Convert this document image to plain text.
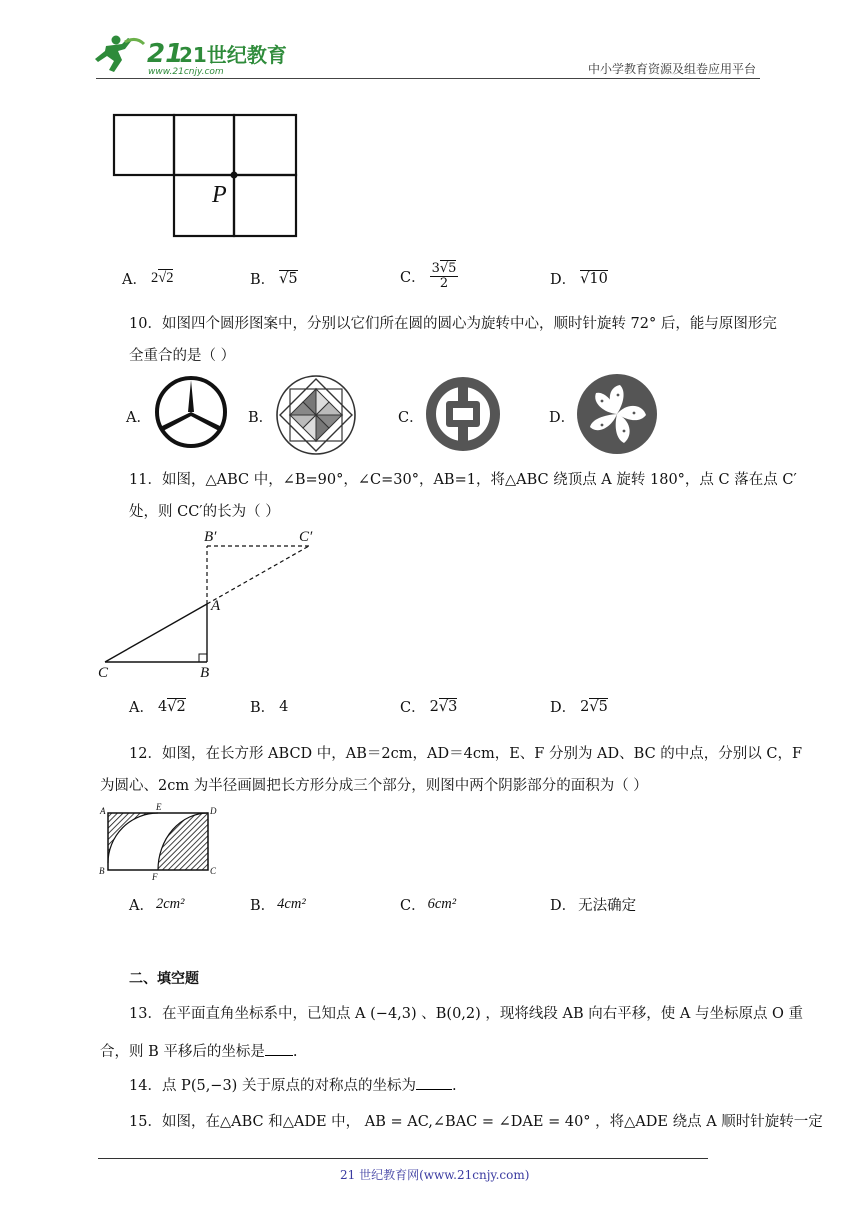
21
21世纪教育
www.21cnjy.com	中小学教育资源及组卷应用平台
P
A． 2√2	B． √5	C．
3√5
2	D． √10
10．如图四个圆形图案中，分别以它们所在圆的圆心为旋转中心，顺时针旋转 72° 后，能与原图形完
全重合的是（ ）
A．	B．	C．	D．
11．如图，△ABC 中，∠B=90°，∠C=30°，AB=1，将△ABC 绕顶点 A 旋转 180°，点 C 落在点 C′
处，则 CC′的长为（ ）
B′	C′
A
C	B
A． 4√2	B． 4	C． 2√3	D． 2√5
12．如图，在长方形 ABCD 中，AB＝2cm，AD＝4cm，E、F 分别为 AD、BC 的中点，分别以 C，F
为圆心、2cm 为半径画圆把长方形分成三个部分，则图中两个阴影部分的面积为（ ）
A	E	D
B
F
C
A． 2cm²	B． 4cm²	C． 6cm²	D． 无法确定
二、填空题
13．在平面直角坐标系中，已知点 A (−4,3) 、B(0,2) ，现将线段 AB 向右平移，使 A 与坐标原点 O 重
合，则 B 平移后的坐标是 .
14．点 P(5,−3) 关于原点的对称点的坐标为 .
15．如图，在△ABC 和△ADE 中， AB = AC,∠BAC = ∠DAE = 40° ，将△ADE 绕点 A 顺时针旋转一定
21 世纪教育网(www.21cnjy.com)
